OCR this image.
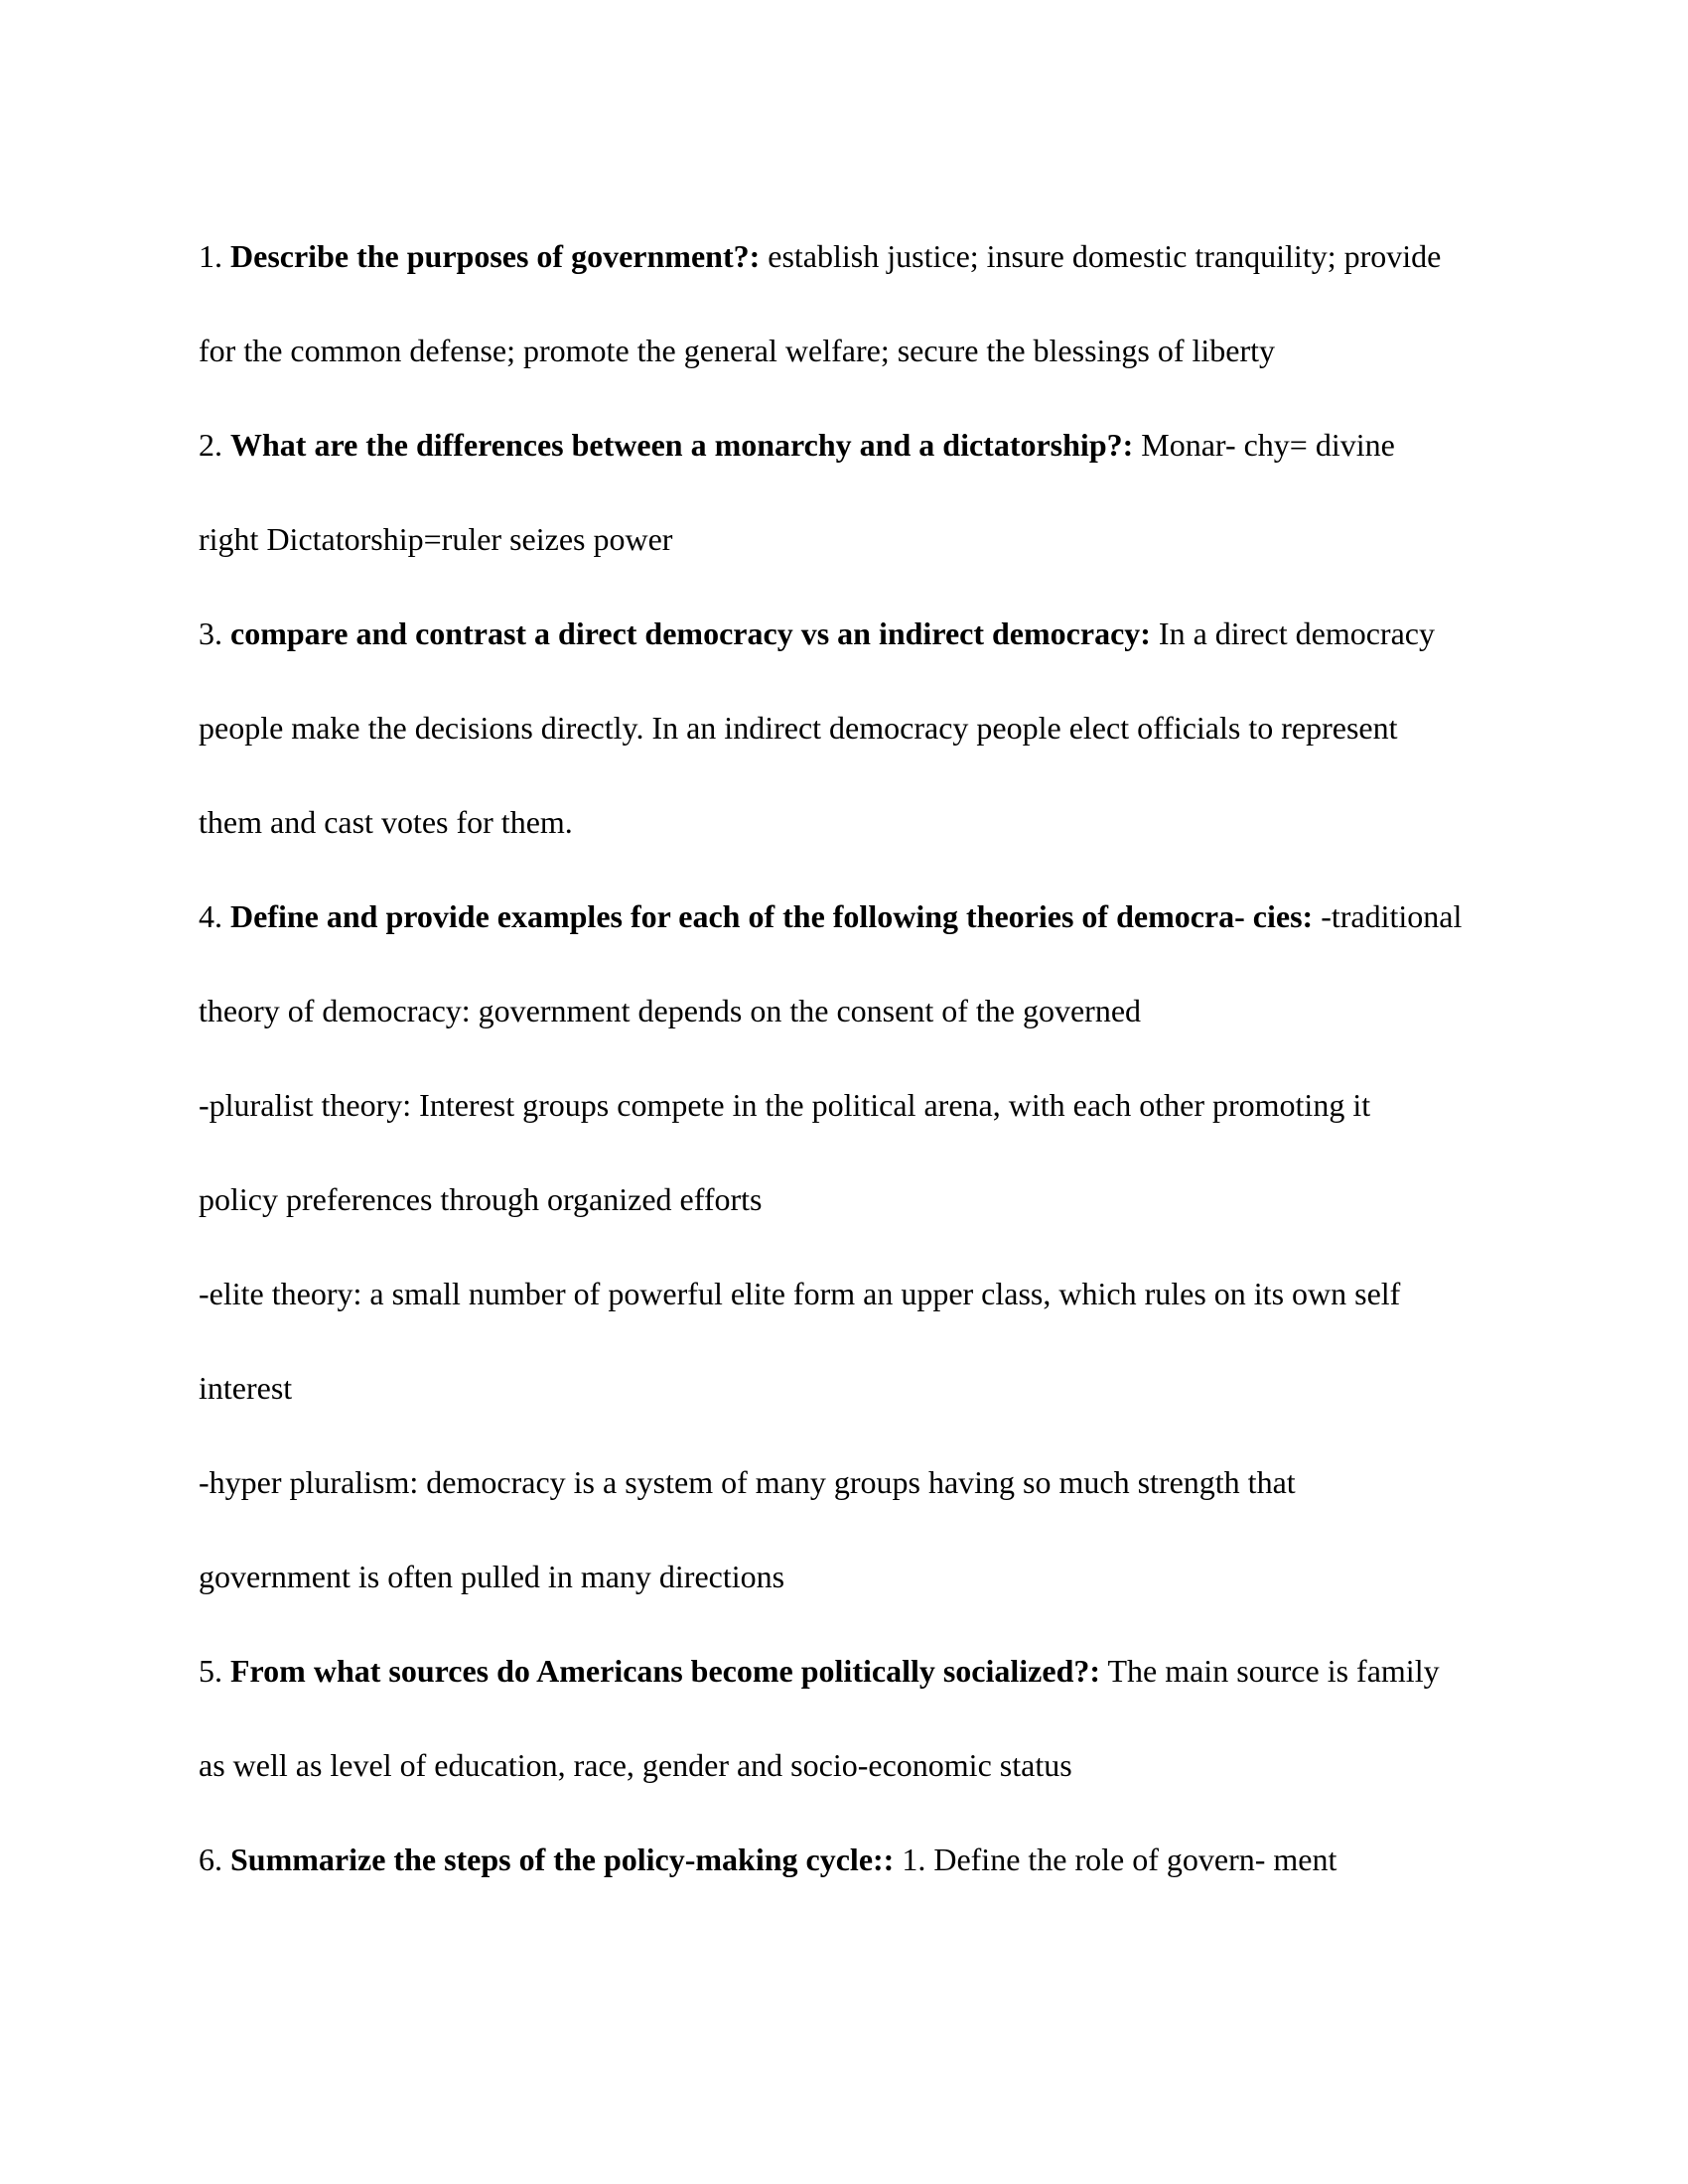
1. Describe the purposes of government?: establish justice; insure domestic tranquility; provide
for the common defense; promote the general welfare; secure the blessings of liberty
2. What are the differences between a monarchy and a dictatorship?: Monar- chy= divine
right Dictatorship=ruler seizes power
3. compare and contrast a direct democracy vs an indirect democracy: In a direct democracy
people make the decisions directly. In an indirect democracy people elect officials to represent
them and cast votes for them.
4. Define and provide examples for each of the following theories of democra- cies: -traditional
theory of democracy: government depends on the consent of the governed
-pluralist theory: Interest groups compete in the political arena, with each other promoting it
policy preferences through organized efforts
-elite theory: a small number of powerful elite form an upper class, which rules on its own self
interest
-hyper pluralism: democracy is a system of many groups having so much strength that
government is often pulled in many directions
5. From what sources do Americans become politically socialized?: The main source is family
as well as level of education, race, gender and socio-economic status
6. Summarize the steps of the policy-making cycle:: 1. Define the role of govern- ment
